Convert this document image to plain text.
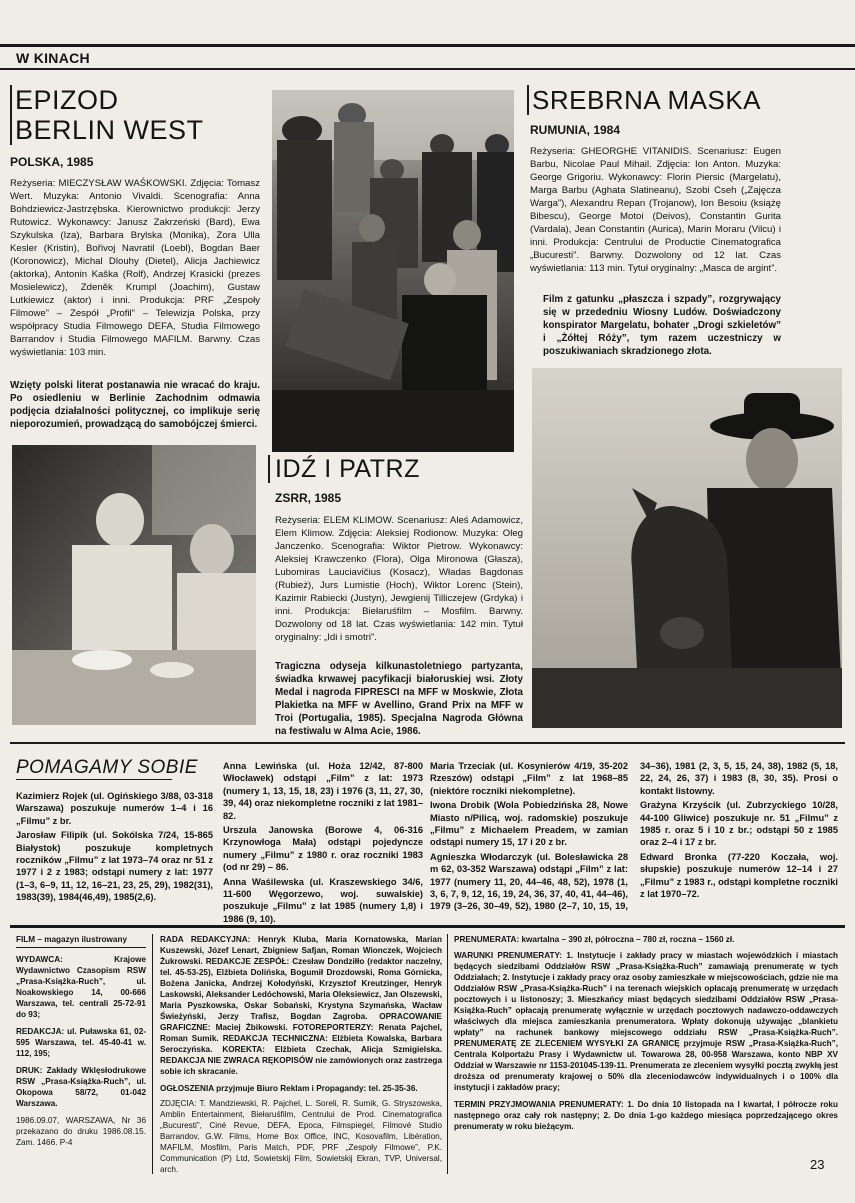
W KINACH
EPIZOD
BERLIN WEST
POLSKA, 1985

Reżyseria: MIECZYSŁAW WAŚKOWSKI. Zdjęcia: Tomasz Wert. Muzyka: Antonio Vivaldi. Scenografia: Anna Bohdziewicz-Jastrzębska. Kierownictwo produkcji: Jerzy Rutowicz. Wykonawcy: Janusz Zakrzeński (Bard), Ewa Szykulska (Iza), Barbara Brylska (Monika), Zora Ulla Kesler (Kristin), Bořivoj Navratil (Loebl), Bogdan Baer (Koronowicz), Michal Dlouhy (Dietel), Alicja Jachiewicz (aktorka), Antonin Kaška (Rolf), Andrzej Krasicki (prezes Mosielewicz), Zdeněk Krumpl (Joachim), Gustaw Lutkiewicz (aktor) i inni. Produkcja: PRF „Zespoły Filmowe” – Zespół „Profil” – Telewizja Polska, przy współpracy Studia Filmowego DEFA, Studia Filmowego Barrandov i Studia Filmowego MAFILM. Barwny. Czas wyświetlania: 103 min.

Wzięty polski literat postanawia nie wracać do kraju. Po osiedleniu w Berlinie Zachodnim odmawia podjęcia działalności politycznej, co implikuje serię nieporozumień, prowadzącą do samobójczej śmierci.

SREBRNA MASKA
RUMUNIA, 1984

Reżyseria: GHEORGHE VITANIDIS. Scenariusz: Eugen Barbu, Nicolae Paul Mihail. Zdjęcia: Ion Anton. Muzyka: George Grigoriu. Wykonawcy: Florin Piersic (Margelatu), Marga Barbu (Aghata Slatineanu), Szobi Cseh („Zajęcza Warga”), Alexandru Repan (Trojanow), Ion Besoiu (książę Bibescu), George Motoi (Deivos), Constantin Gurita (Vardala), Jean Constantin (Aurica), Marin Moraru (Vilcu) i inni. Produkcja: Centrului de Productie Cinematografica „Bucuresti”. Barwny. Dozwolony od 12 lat. Czas wyświetlania: 113 min. Tytuł oryginalny: „Masca de argint”.

Film z gatunku „płaszcza i szpady”, rozgrywający się w przededniu Wiosny Ludów. Doświadczony konspirator Margelatu, bohater „Drogi szkieletów” i „Żółtej Róży”, tym razem uczestniczy w poszukiwaniach skradzionego złota.

IDŹ I PATRZ
ZSRR, 1985

Reżyseria: ELEM KLIMOW. Scenariusz: Aleś Adamowicz, Elem Klimow. Zdjęcia: Aleksiej Rodionow. Muzyka: Oleg Janczenko. Scenografia: Wiktor Pietrow. Wykonawcy: Aleksiej Krawczenko (Flora), Olga Mironowa (Głasza), Lubomiras Lauciavičius (Kosacz), Władas Bagdonas (Rubież), Jurs Lumistie (Hoch), Wiktor Lorenc (Stein), Kazimir Rabiecki (Justyn), Jewgienij Tilliczejew (Grdyka) i inni. Produkcja: Biełaruśfilm – Mosfilm. Barwny. Dozwolony od 18 lat. Czas wyświetlania: 142 min. Tytuł oryginalny: „Idi i smotri”.

Tragiczna odyseja kilkunastoletniego partyzanta, świadka krwawej pacyfikacji białoruskiej wsi. Złoty Medal i nagroda FIPRESCI na MFF w Moskwie, Złota Plakietka na MFF w Avellino, Grand Prix na MFF w Troi (Portugalia, 1985). Specjalna Nagroda Główna na festiwalu w Alma Acie, 1986.

POMAGAMY SOBIE

Kazimierz Rojek (ul. Ogińskiego 3/88, 03-318 Warszawa) poszukuje numerów 1–4 i 16 „Filmu” z br.

Jarosław Filipik (ul. Sokólska 7/24, 15-865 Białystok) poszukuje kompletnych roczników „Filmu” z lat 1973–74 oraz nr 51 z 1977 i 2 z 1983; odstąpi numery z lat: 1977 (1–3, 6–9, 11, 12, 16–21, 23, 25, 29), 1982(31), 1983(39), 1984(46,49), 1985(2,6).

Anna Lewińska (ul. Hoża 12/42, 87-800 Włocławek) odstąpi „Film” z lat: 1973 (numery 1, 13, 15, 18, 23) i 1976 (3, 11, 27, 30, 39, 44) oraz niekompletne roczniki z lat 1981–82.

Urszula Janowska (Borowe 4, 06-316 Krzynowłoga Mała) odstąpi pojedyncze numery „Filmu” z 1980 r. oraz roczniki 1983 (od nr 29) – 86.

Anna Waśilewska (ul. Kraszewskiego 34/6, 11-600 Węgorzewo, woj. suwalskie) poszukuje „Filmu” z lat 1985 (numery 1,8) i 1986 (9, 10).

Maria Trzeciak (ul. Kosynierów 4/19, 35-202 Rzeszów) odstąpi „Film” z lat 1968–85 (niektóre roczniki niekompletne).

Iwona Drobik (Wola Pobiedzińska 28, Nowe Miasto n/Pilicą, woj. radomskie) poszukuje „Filmu” z Michaelem Preadem, w zamian odstąpi numery 15, 17 i 20 z br.

Agnieszka Włodarczyk (ul. Bolesławicka 28 m 62, 03-352 Warszawa) odstąpi „Film” z lat: 1977 (numery 11, 20, 44–46, 48, 52), 1978 (1, 3, 6, 7, 9, 12, 16, 19, 24, 36, 37, 40, 41, 44–46), 1979 (3–26, 30–49, 52), 1980 (2–7, 10, 15, 19, 34–36), 1981 (2, 3, 5, 15, 24, 38), 1982 (5, 18, 22, 24, 26, 37) i 1983 (8, 30, 35). Prosi o kontakt listowny.

Grażyna Krzyścik (ul. Zubrzyckiego 10/28, 44-100 Gliwice) poszukuje nr. 51 „Filmu” z 1985 r. oraz 5 i 10 z br.; odstąpi 50 z 1985 oraz 2–4 i 17 z br.

Edward Bronka (77-220 Koczała, woj. słupskie) poszukuje numerów 12–14 i 27 „Filmu” z 1983 r., odstąpi kompletne roczniki z lat 1970–72.

FILM – magazyn ilustrowany

WYDAWCA: Krajowe Wydawnictwo Czasopism RSW „Prasa-Książka-Ruch”, ul. Noakowskiego 14, 00-666 Warszawa, tel. centrali 25-72-91 do 93;

REDAKCJA: ul. Puławska 61, 02-595 Warszawa, tel. 45-40-41 w. 112, 195;

DRUK: Zakłady Wklęsłodrukowe RSW „Prasa-Książka-Ruch”, ul. Okopowa 58/72, 01-042 Warszawa.

1986.09.07, WARSZAWA, Nr 36 przekazano do druku 1986.08.15. Zam. 1466. P-4

RADA REDAKCYJNA: Henryk Kluba, Maria Kornatowska, Marian Kuszewski, Józef Lenart, Zbigniew Safjan, Roman Wionczek, Wojciech Żukrowski. REDAKCJE ZESPÓŁ: Czesław Dondziłło (redaktor naczelny, tel. 45-53-25), Elżbieta Dolińska, Bogumił Drozdowski, Roma Górnicka, Bożena Janicka, Andrzej Kołodyński, Krzysztof Kreutzinger, Henryk Laskowski, Aleksander Ledóchowski, Maria Oleksiewicz, Jan Olszewski, Maria Pyszkowska, Oskar Sobański, Krystyna Szymańska, Wacław Świeżyński, Jerzy Trafisz, Bogdan Zagroba. OPRACOWANIE GRAFICZNE: Maciej Żbikowski. FOTOREPORTERZY: Renata Pajchel, Roman Sumik. REDAKCJA TECHNICZNA: Elżbieta Kowalska, Barbara Seroczyńska. KOREKTA: Elżbieta Czechak, Alicja Szmigielska. REDAKCJA NIE ZWRACA RĘKOPISÓW nie zamówionych oraz zastrzega sobie ich skracanie.

OGŁOSZENIA przyjmuje Biuro Reklam i Propagandy: tel. 25-35-36.

ZDJĘCIA: T. Mandziewski, R. Pajchel, L. Soreli, R. Sumik, G. Stryszowska, Amblin Entertainment, Biełaruśfilm, Centrului de Prod. Cinematografica „Bucuresti”, Ciné Revue, DEFA, Epoca, Filmspiegel, Filmové Studio Barrandov, G.W. Films, Home Box Office, INC, Kosovafilm, Libération, MAFILM, Mosfilm, Paris Match, PDF, PRF „Zespoły Filmowe”, P.K. Communication (P) Ltd, Sowietskij Film, Sowietskij Ekran, TVP, Universal, arch.

PRENUMERATA: kwartalna – 390 zł, półroczna – 780 zł, roczna – 1560 zł.

WARUNKI PRENUMERATY: 1. Instytucje i zakłady pracy w miastach wojewódzkich i miastach będących siedzibami Oddziałów RSW „Prasa-Książka-Ruch” zamawiają prenumeratę w tych Oddziałach; 2. Instytucje i zakłady pracy oraz osoby zamieszkałe w miejscowościach, gdzie nie ma Oddziałów RSW „Prasa-Książka-Ruch” i na terenach wiejskich opłacają prenumeratę w urzędach pocztowych i u listonoszy; 3. Mieszkańcy miast będących siedzibami Oddziałów RSW „Prasa-Książka-Ruch” opłacają prenumeratę wyłącznie w urzędach pocztowych nadawczo-oddawczych właściwych dla miejsca zamieszkania prenumeratora. Wpłaty dokonują używając „blankietu wpłaty” na rachunek bankowy miejscowego oddziału RSW „Prasa-Książka-Ruch”. PRENUMERATĘ ZE ZLECENIEM WYSYŁKI ZA GRANICĘ przyjmuje RSW „Prasa-Książka-Ruch”, Centrala Kolportażu Prasy i Wydawnictw ul. Towarowa 28, 00-958 Warszawa, konto NBP XV Oddział w Warszawie nr 1153-201045-139-11. Prenumerata ze zleceniem wysyłki pocztą zwykłą jest droższa od prenumeraty krajowej o 50% dla zleceniodawców indywidualnych i o 100% dla instytucji i zakładów pracy;

TERMIN PRZYJMOWANIA PRENUMERATY: 1. Do dnia 10 listopada na I kwartał, I półrocze roku następnego oraz cały rok następny; 2. Do dnia 1-go każdego miesiąca poprzedzającego okres prenumeraty w roku bieżącym.

23
